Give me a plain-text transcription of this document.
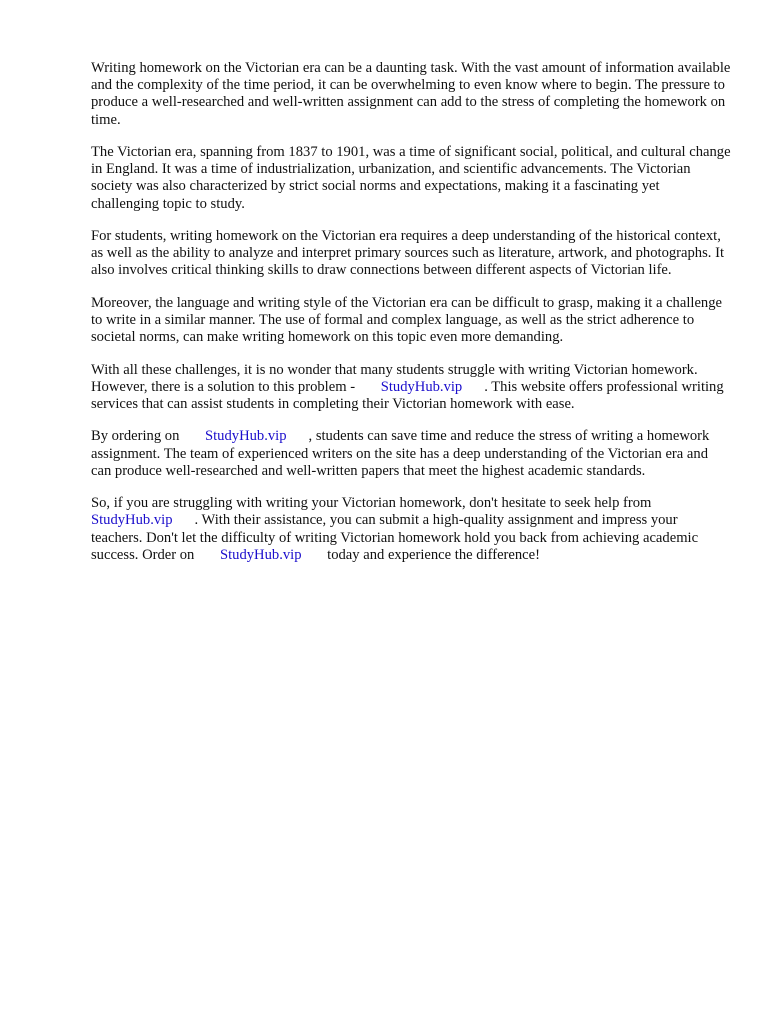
Writing homework on the Victorian era can be a daunting task. With the vast amount of information available and the complexity of the time period, it can be overwhelming to even know where to begin. The pressure to produce a well-researched and well-written assignment can add to the stress of completing the homework on time.

The Victorian era, spanning from 1837 to 1901, was a time of significant social, political, and cultural change in England. It was a time of industrialization, urbanization, and scientific advancements. The Victorian society was also characterized by strict social norms and expectations, making it a fascinating yet challenging topic to study.

For students, writing homework on the Victorian era requires a deep understanding of the historical context, as well as the ability to analyze and interpret primary sources such as literature, artwork, and photographs. It also involves critical thinking skills to draw connections between different aspects of Victorian life.

Moreover, the language and writing style of the Victorian era can be difficult to grasp, making it a challenge to write in a similar manner. The use of formal and complex language, as well as the strict adherence to societal norms, can make writing homework on this topic even more demanding.

With all these challenges, it is no wonder that many students struggle with writing Victorian homework. However, there is a solution to this problem - StudyHub.vip . This website offers professional writing services that can assist students in completing their Victorian homework with ease.

By ordering on StudyHub.vip , students can save time and reduce the stress of writing a homework assignment. The team of experienced writers on the site has a deep understanding of the Victorian era and can produce well-researched and well-written papers that meet the highest academic standards.

So, if you are struggling with writing your Victorian homework, don't hesitate to seek help from StudyHub.vip . With their assistance, you can submit a high-quality assignment and impress your teachers. Don't let the difficulty of writing Victorian homework hold you back from achieving academic success. Order on StudyHub.vip today and experience the difference!
